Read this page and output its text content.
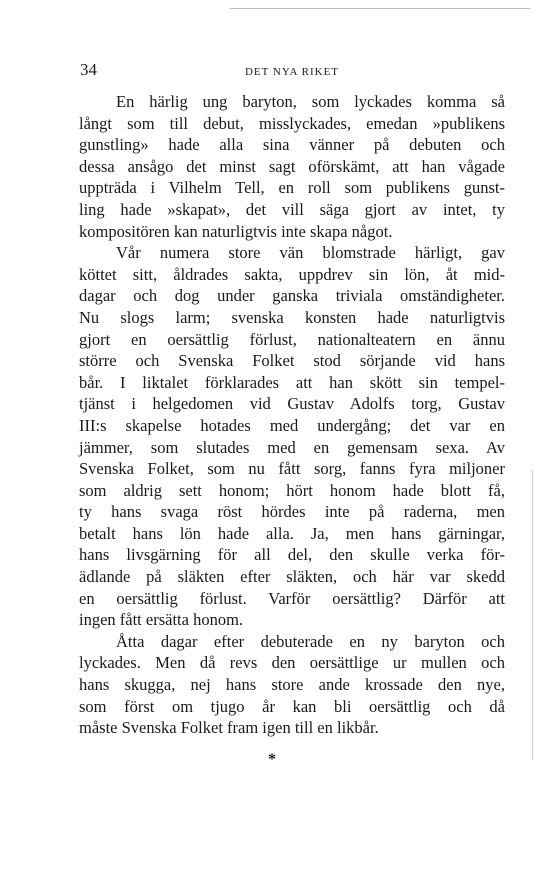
34	DET NYA RIKET
En härlig ung baryton, som lyckades komma så
långt som till debut, misslyckades, emedan »publikens
gunstling» hade alla sina vänner på debuten och
dessa ansågo det minst sagt oförskämt, att han vågade
uppträda i Vilhelm Tell, en roll som publikens gunst-
ling hade »skapat», det vill säga gjort av intet, ty
kompositören kan naturligtvis inte skapa något.
Vår numera store vän blomstrade härligt, gav
köttet sitt, åldrades sakta, uppdrev sin lön, åt mid-
dagar och dog under ganska triviala omständigheter.
Nu slogs larm; svenska konsten hade naturligtvis
gjort en oersättlig förlust, nationalteatern en ännu
större och Svenska Folket stod sörjande vid hans
bår. I liktalet förklarades att han skött sin tempel-
tjänst i helgedomen vid Gustav Adolfs torg, Gustav
III:s skapelse hotades med undergång; det var en
jämmer, som slutades med en gemensam sexa. Av
Svenska Folket, som nu fått sorg, fanns fyra miljoner
som aldrig sett honom; hört honom hade blott få,
ty hans svaga röst hördes inte på raderna, men
betalt hans lön hade alla. Ja, men hans gärningar,
hans livsgärning för all del, den skulle verka för-
ädlande på släkten efter släkten, och här var skedd
en oersättlig förlust. Varför oersättlig? Därför att
ingen fått ersätta honom.
Åtta dagar efter debuterade en ny baryton och
lyckades. Men då revs den oersättlige ur mullen och
hans skugga, nej hans store ande krossade den nye,
som först om tjugo år kan bli oersättlig och då
måste Svenska Folket fram igen till en likbår.
*
